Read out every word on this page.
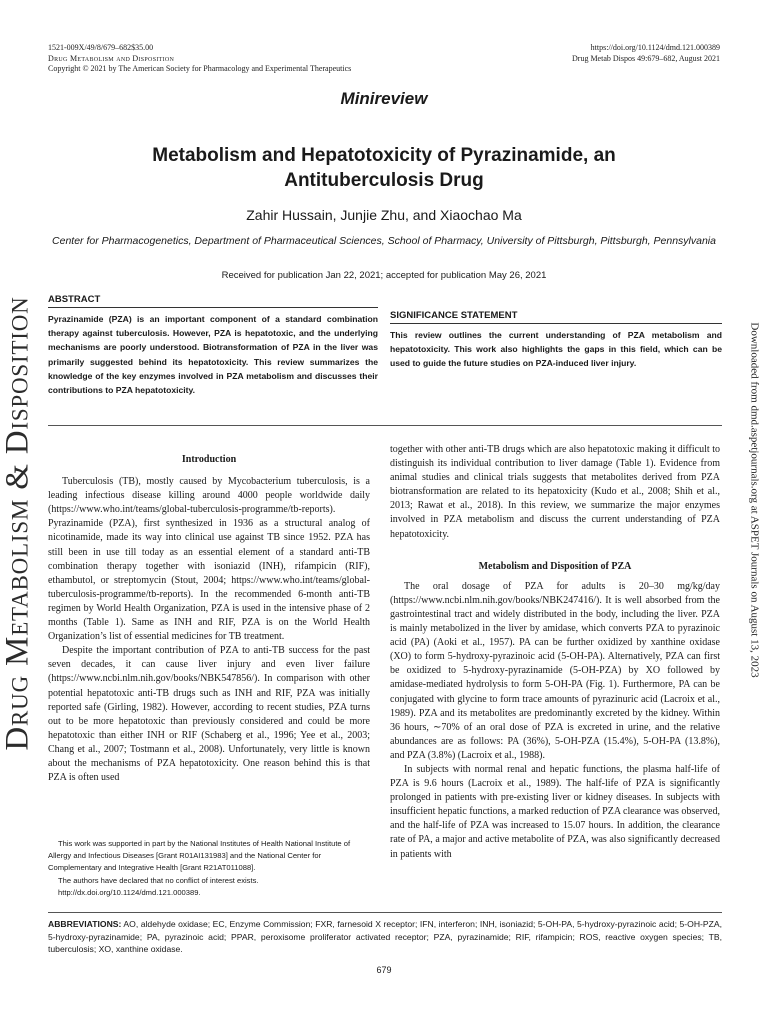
Drug Metabolism & Disposition	Downloaded from dmd.aspetjournals.org at ASPET Journals on August 13, 2023
1521-009X/49/8/679–682$35.00
Drug Metabolism and Disposition
Copyright © 2021 by The American Society for Pharmacology and Experimental Therapeutics
https://doi.org/10.1124/dmd.121.000389
Drug Metab Dispos 49:679–682, August 2021
Minireview
Metabolism and Hepatotoxicity of Pyrazinamide, an Antituberculosis Drug
Zahir Hussain, Junjie Zhu, and Xiaochao Ma
Center for Pharmacogenetics, Department of Pharmaceutical Sciences, School of Pharmacy, University of Pittsburgh, Pittsburgh, Pennsylvania
Received for publication Jan 22, 2021; accepted for publication May 26, 2021
ABSTRACT
Pyrazinamide (PZA) is an important component of a standard combination therapy against tuberculosis. However, PZA is hepatotoxic, and the underlying mechanisms are poorly understood. Biotransformation of PZA in the liver was primarily suggested behind its hepatotoxicity. This review summarizes the knowledge of the key enzymes involved in PZA metabolism and discusses their contributions to PZA hepatotoxicity.
SIGNIFICANCE STATEMENT
This review outlines the current understanding of PZA metabolism and hepatotoxicity. This work also highlights the gaps in this field, which can be used to guide the future studies on PZA-induced liver injury.
Introduction

Tuberculosis (TB), mostly caused by Mycobacterium tuberculosis, is a leading infectious disease killing around 4000 people worldwide daily (https://www.who.int/teams/global-tuberculosis-programme/tb-reports). Pyrazinamide (PZA), first synthesized in 1936 as a structural analog of nicotinamide, made its way into clinical use against TB since 1952. PZA has still been in use till today as an essential element of a standard anti-TB combination therapy together with isoniazid (INH), rifampicin (RIF), ethambutol, or streptomycin (Stout, 2004; https://www.who.int/teams/global-tuberculosis-programme/tb-reports). In the recommended 6-month anti-TB regimen by World Health Organization, PZA is used in the intensive phase of 2 months (Table 1). Same as INH and RIF, PZA is on the World Health Organization’s list of essential medicines for TB treatment.

Despite the important contribution of PZA to anti-TB success for the past seven decades, it can cause liver injury and even liver failure (https://www.ncbi.nlm.nih.gov/books/NBK547856/). In comparison with other potential hepatotoxic anti-TB drugs such as INH and RIF, PZA was initially reported safe (Girling, 1982). However, according to recent studies, PZA turns out to be more hepatotoxic than previously considered and could be more hepatotoxic than either INH or RIF (Schaberg et al., 1996; Yee et al., 2003; Chang et al., 2007; Tostmann et al., 2008). Unfortunately, very little is known about the mechanisms of PZA hepatotoxicity. One reason behind this is that PZA is often used

together with other anti-TB drugs which are also hepatotoxic making it difficult to distinguish its individual contribution to liver damage (Table 1). Evidence from animal studies and clinical trials suggests that metabolites derived from PZA biotransformation are related to its hepatoxicity (Kudo et al., 2008; Shih et al., 2013; Rawat et al., 2018). In this review, we summarize the major enzymes involved in PZA metabolism and discuss the current understanding of PZA hepatotoxicity.

Metabolism and Disposition of PZA

The oral dosage of PZA for adults is 20–30 mg/kg/day (https://www.ncbi.nlm.nih.gov/books/NBK247416/). It is well absorbed from the gastrointestinal tract and widely distributed in the body, including the liver. PZA is mainly metabolized in the liver by amidase, which converts PZA to pyrazinoic acid (PA) (Aoki et al., 1957). PA can be further oxidized by xanthine oxidase (XO) to form 5-hydroxy-pyrazinoic acid (5-OH-PA). Alternatively, PZA can first be oxidized to 5-hydroxy-pyrazinamide (5-OH-PZA) by XO followed by amidase-mediated hydrolysis to form 5-OH-PA (Fig. 1). Furthermore, PA can be conjugated with glycine to form trace amounts of pyrazinuric acid (Lacroix et al., 1989). PZA and its metabolites are predominantly excreted by the kidney. Within 36 hours, ∼70% of an oral dose of PZA is excreted in urine, and the relative abundances are as follows: PA (36%), 5-OH-PZA (15.4%), 5-OH-PA (13.8%), and PZA (3.8%) (Lacroix et al., 1988).

In subjects with normal renal and hepatic functions, the plasma half-life of PZA is 9.6 hours (Lacroix et al., 1989). The half-life of PZA is significantly prolonged in patients with pre-existing liver or kidney diseases. In subjects with insufficient hepatic functions, a marked reduction of PZA clearance was observed, and the half-life of PZA was increased to 15.07 hours. In addition, the clearance rate of PA, a major and active metabolite of PZA, was also significantly decreased in patients with

This work was supported in part by the National Institutes of Health National Institute of Allergy and Infectious Diseases [Grant R01AI131983] and the National Center for Complementary and Integrative Health [Grant R21AT011088].

The authors have declared that no conflict of interest exists.

http://dx.doi.org/10.1124/dmd.121.000389.

ABBREVIATIONS: AO, aldehyde oxidase; EC, Enzyme Commission; FXR, farnesoid X receptor; IFN, interferon; INH, isoniazid; 5-OH-PA, 5-hydroxy-pyrazinoic acid; 5-OH-PZA, 5-hydroxy-pyrazinamide; PA, pyrazinoic acid; PPAR, peroxisome proliferator activated receptor; PZA, pyrazinamide; RIF, rifampicin; ROS, reactive oxygen species; TB, tuberculosis; XO, xanthine oxidase.
679
